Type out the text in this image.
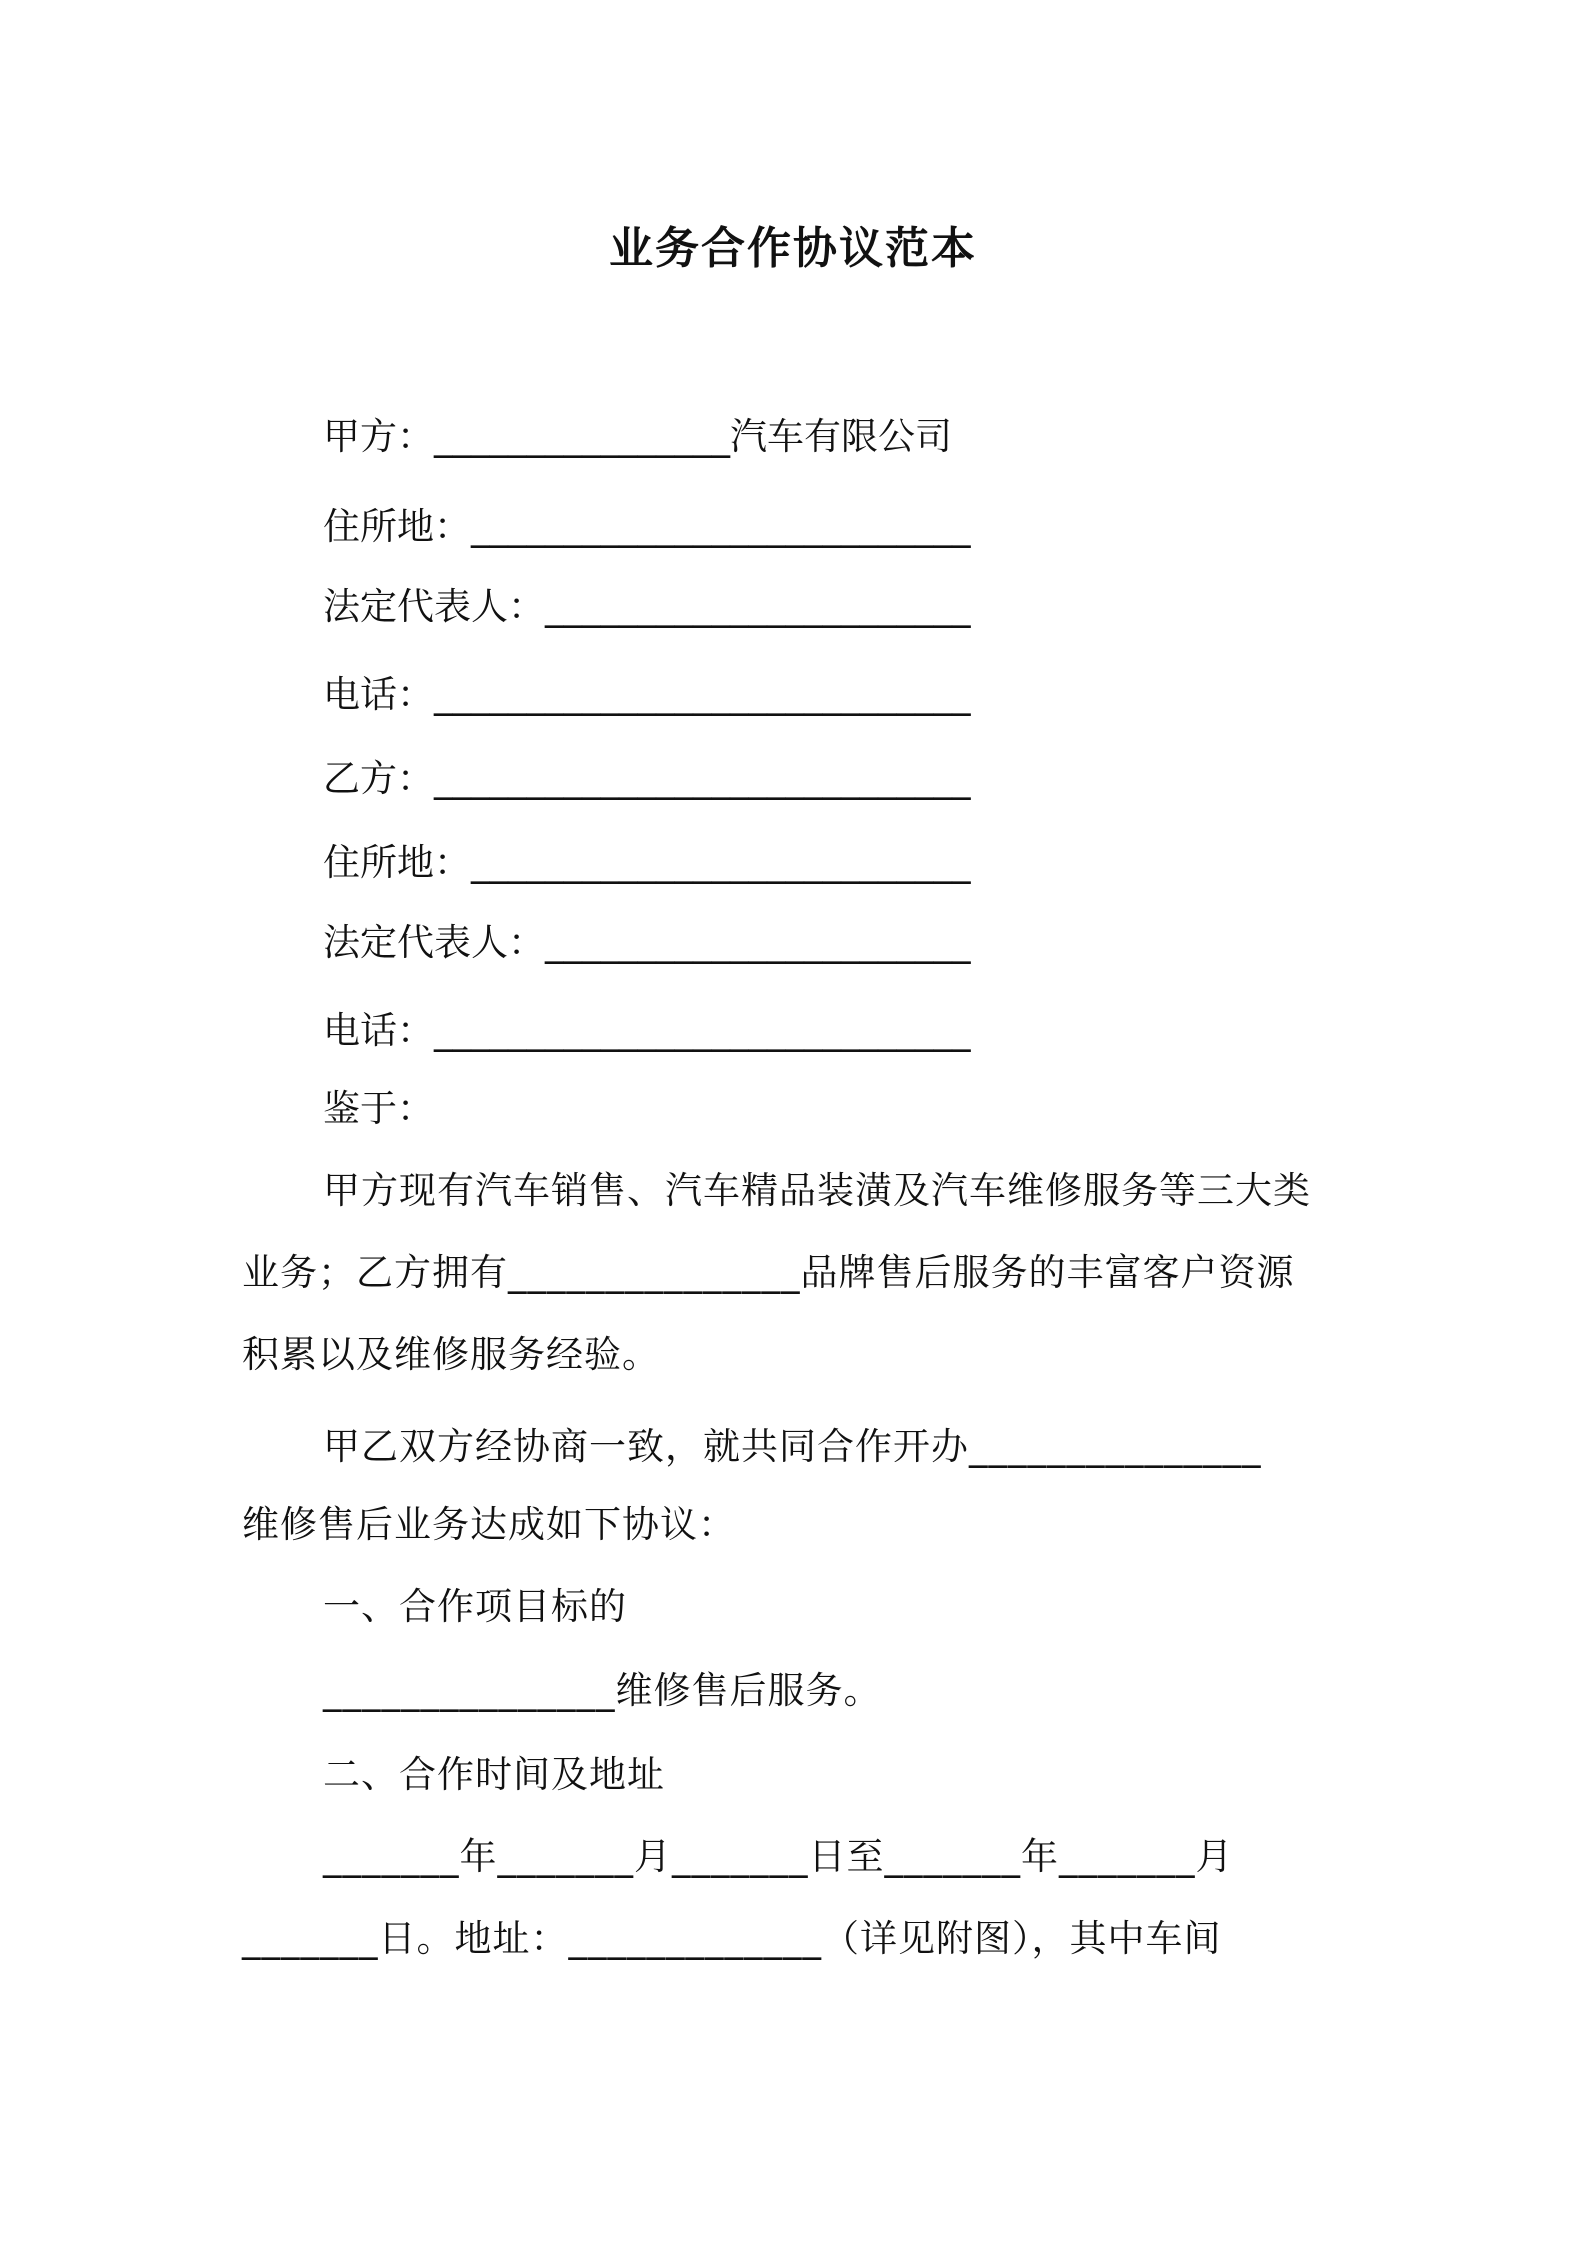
业务合作协议范本
甲方：________________汽车有限公司
住所地：___________________________
法定代表人：_______________________
电话：_____________________________
乙方：_____________________________
住所地：___________________________
法定代表人：_______________________
电话：_____________________________
鉴于：
甲方现有汽车销售、汽车精品装潢及汽车维修服务等三大类
业务；乙方拥有_______________品牌售后服务的丰富客户资源
积累以及维修服务经验。
甲乙双方经协商一致，就共同合作开办_______________
维修售后业务达成如下协议：
一、合作项目标的
_______________维修售后服务。
二、合作时间及地址
_______年_______月_______日至_______年_______月
_______日。地址：_____________（详见附图），其中车间
